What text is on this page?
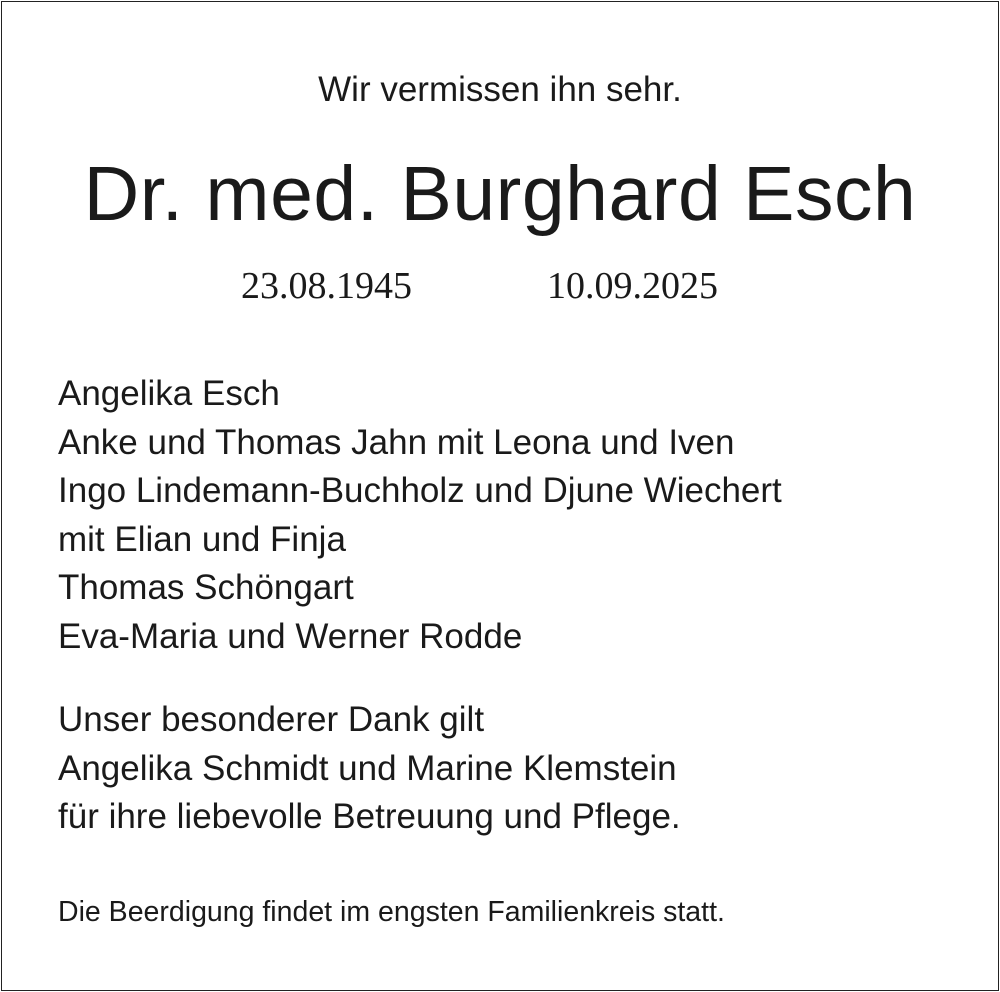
Wir vermissen ihn sehr.
Dr. med. Burghard Esch
23.08.1945	10.09.2025
Angelika Esch
Anke und Thomas Jahn mit Leona und Iven
Ingo Lindemann-Buchholz und Djune Wiechert
mit Elian und Finja
Thomas Schöngart
Eva-Maria und Werner Rodde
Unser besonderer Dank gilt
Angelika Schmidt und Marine Klemstein
für ihre liebevolle Betreuung und Pflege.
Die Beerdigung findet im engsten Familienkreis statt.
